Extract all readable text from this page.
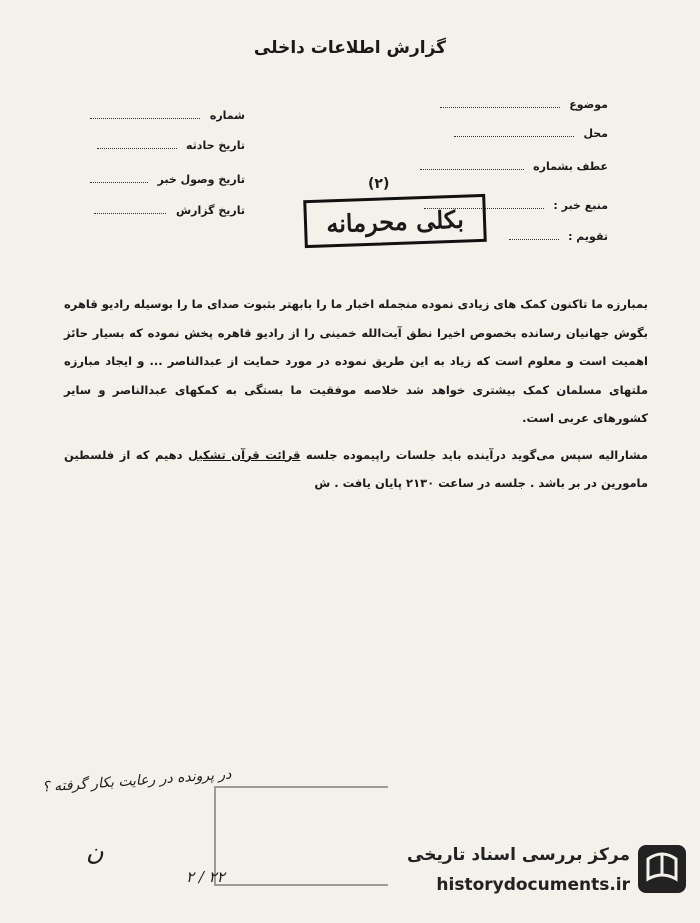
گزارش اطلاعات داخلی
موضوع
محل
عطف بشماره
منبع خبر :
تقویم :
شماره
تاریخ حادثه
تاریخ وصول خبر
تاریخ گزارش
(۲)
بکلی محرمانه

بمبارزه ما تاکنون کمک های زیادی نموده منجمله اخبار ما را بابهتر بثبوت صدای ما را بوسیله رادیو قاهره بگوش جهانیان رسانده بخصوص اخیرا نطق آیت‌الله خمینی را از رادیو قاهره پخش نموده که بسیار حائز اهمیت است و معلوم است که زیاد به این طریق نموده در مورد حمایت از عبدالناصر ... و ایجاد مبارزه ملتهای مسلمان کمک بیشتری خواهد شد خلاصه موفقیت ما بستگی به کمکهای عبدالناصر و سایر کشورهای عربی است.

مشارالیه سپس می‌گوید درآینده باید جلسات راپیموده جلسه قرائت قرآن تشکیل دهیم که از فلسطین مامورین در بر باشد . جلسه در ساعت ۲۱۳۰ پایان یافت . ش

در پرونده در رعایت بکار گرفته ؟
ن
۲۲ / ۲
مرکز بررسی اسناد تاریخی
historydocuments.ir
